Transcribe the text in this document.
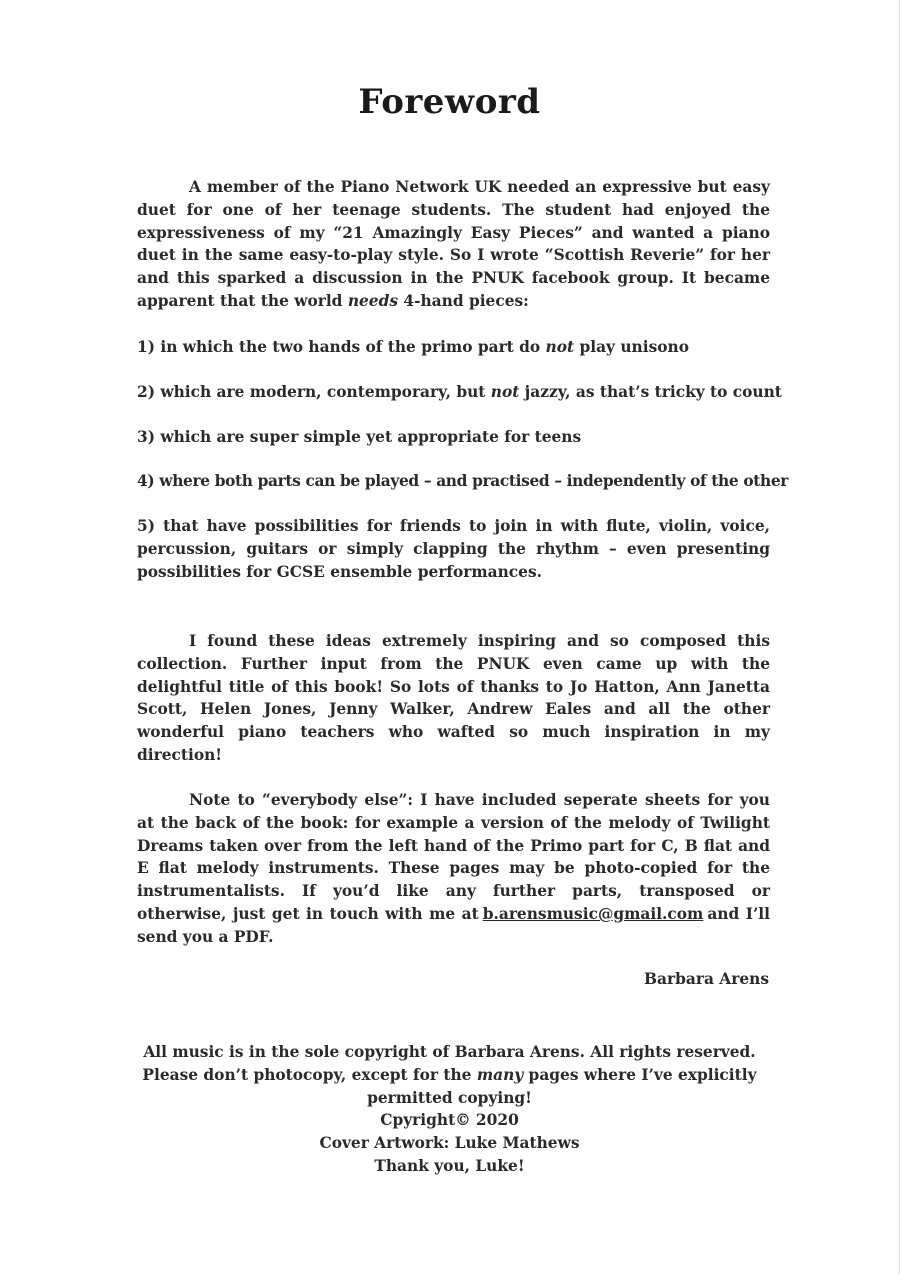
Foreword
A member of the Piano Network UK needed an expressive but easy duet for one of her teenage students. The student had enjoyed the expressiveness of my “21 Amazingly Easy Pieces” and wanted a piano duet in the same easy-to-play style. So I wrote “Scottish Reverie” for her and this sparked a discussion in the PNUK facebook group. It became apparent that the world needs 4-hand pieces:
1) in which the two hands of the primo part do not play unisono
2) which are modern, contemporary, but not jazzy, as that’s tricky to count
3) which are super simple yet appropriate for teens
4) where both parts can be played – and practised – independently of the other
5) that have possibilities for friends to join in with flute, violin, voice, percussion, guitars or simply clapping the rhythm – even presenting possibilities for GCSE ensemble performances.
I found these ideas extremely inspiring and so composed this collection. Further input from the PNUK even came up with the delightful title of this book! So lots of thanks to Jo Hatton, Ann Janetta Scott, Helen Jones, Jenny Walker, Andrew Eales and all the other wonderful piano teachers who wafted so much inspiration in my direction!
Note to “everybody else”: I have included seperate sheets for you at the back of the book: for example a version of the melody of Twilight Dreams taken over from the left hand of the Primo part for C, B flat and E flat melody instruments. These pages may be photo-copied for the instrumentalists. If you’d like any further parts, transposed or otherwise, just get in touch with me at b.arensmusic@gmail.com and I’ll send you a PDF.
Barbara Arens
All music is in the sole copyright of Barbara Arens. All rights reserved.
Please don’t photocopy, except for the many pages where I’ve explicitly
permitted copying!
Cpyright© 2020
Cover Artwork: Luke Mathews
Thank you, Luke!
